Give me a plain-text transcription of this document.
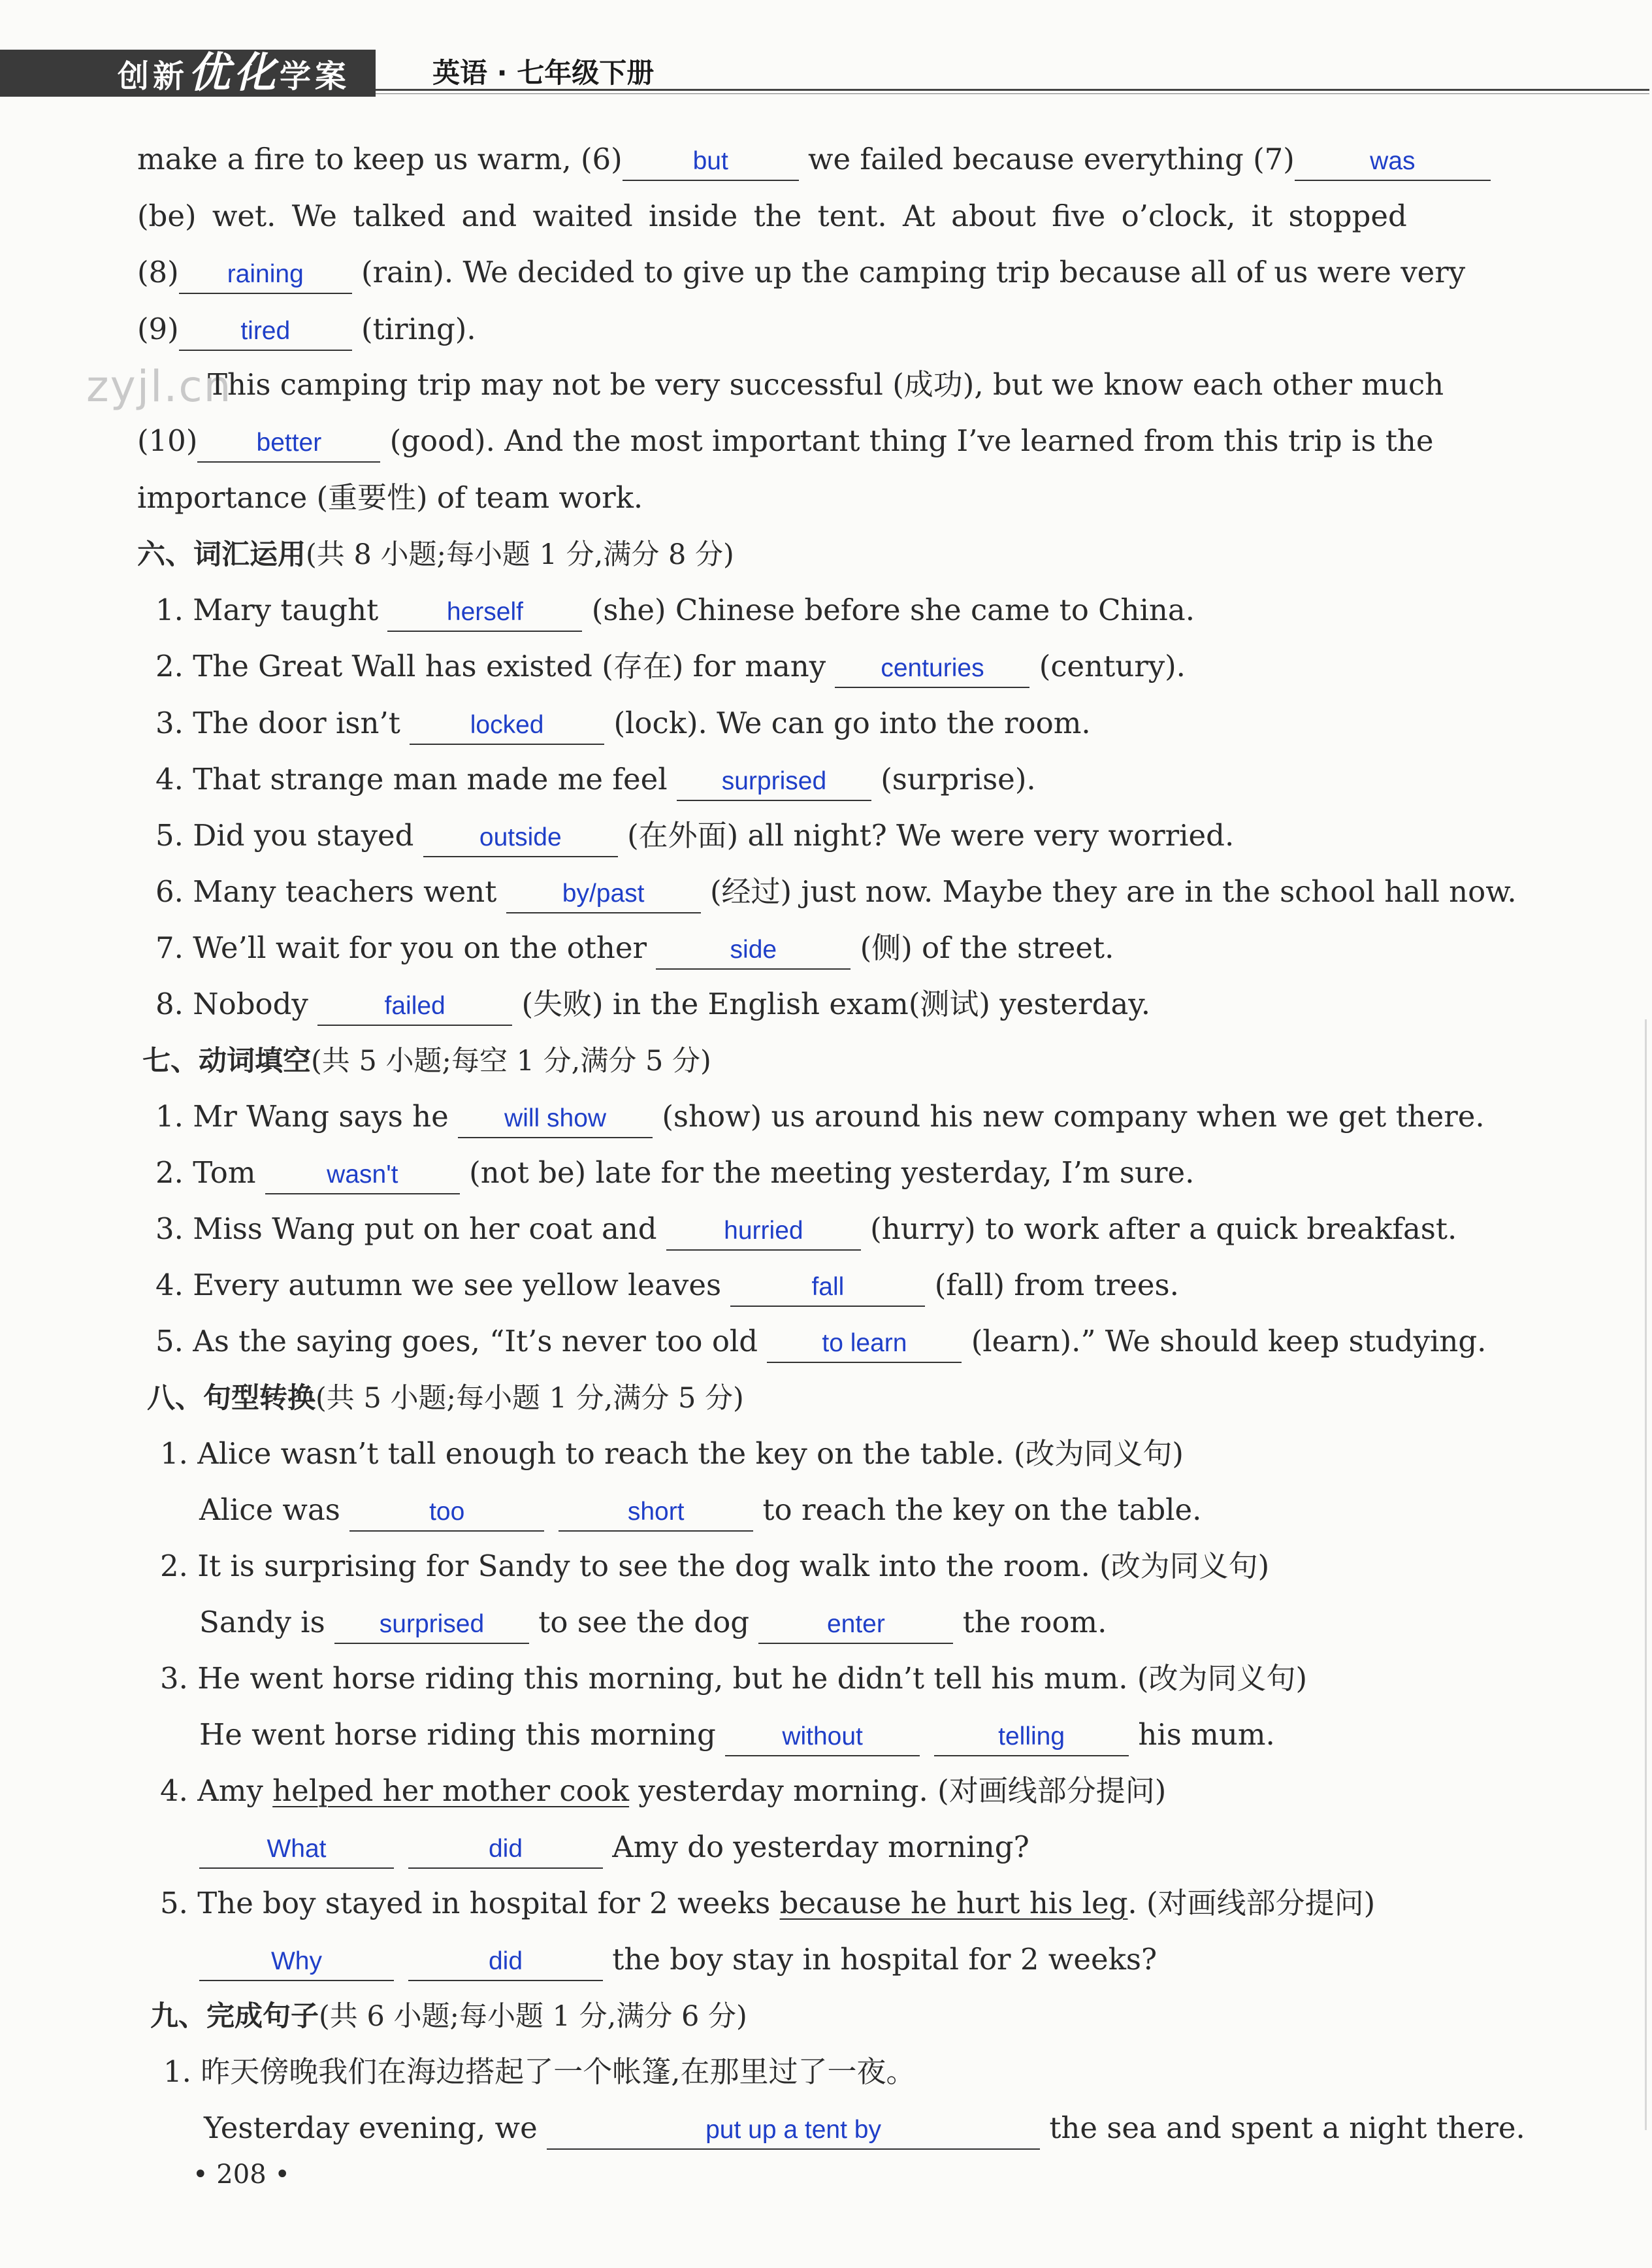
创新优化学案	英语 · 七年级下册
zyjl.cn
make a fire to keep us warm, (6)	but we failed because everything (7)	was
(be) wet. We talked and waited inside the tent. At about five o’clock, it stopped
(8) raining (rain). We decided to give up the camping trip because all of us were very
(9) tired (tiring).
This camping trip may not be very successful (成功), but we know each other much
(10) better (good). And the most important thing I’ve learned from this trip is the
importance (重要性) of team work.
六、词汇运用(共 8 小题;每小题 1 分,满分 8 分)
1. Mary taught herself (she) Chinese before she came to China.
2. The Great Wall has existed (存在) for many centuries (century).
3. The door isn’t locked (lock). We can go into the room.
4. That strange man made me feel surprised (surprise).
5. Did you stayed outside (在外面) all night? We were very worried.
6. Many teachers went by/past (经过) just now. Maybe they are in the school hall now.
7. We’ll wait for you on the other	side	(侧) of the street.
8. Nobody	failed (失败) in the English exam(测试) yesterday.
七、动词填空(共 5 小题;每空 1 分,满分 5 分)
1. Mr Wang says he will show (show) us around his new company when we get there.
2. Tom wasn't (not be) late for the meeting yesterday, I’m sure.
3. Miss Wang put on her coat and hurried (hurry) to work after a quick breakfast.
4. Every autumn we see yellow leaves	fall	(fall) from trees.
5. As the saying goes, “It’s never too old to learn (learn).” We should keep studying.
八、句型转换(共 5 小题;每小题 1 分,满分 5 分)
1. Alice wasn’t tall enough to reach the key on the table. (改为同义句)
Alice was	too	short to reach the key on the table.
2. It is surprising for Sandy to see the dog walk into the room. (改为同义句)
Sandy is surprised to see the dog	enter the room.
3. He went horse riding this morning, but he didn’t tell his mum. (改为同义句)
He went horse riding this morning without	telling his mum.
4. Amy helped her mother cook yesterday morning. (对画线部分提问)
What	did	Amy do yesterday morning?
5. The boy stayed in hospital for 2 weeks because he hurt his leg. (对画线部分提问)
Why	did	the boy stay in hospital for 2 weeks?
九、完成句子(共 6 小题;每小题 1 分,满分 6 分)
1. 昨天傍晚我们在海边搭起了一个帐篷,在那里过了一夜。
Yesterday evening, we	put up a tent by	the sea and spent a night there.
• 208 •
